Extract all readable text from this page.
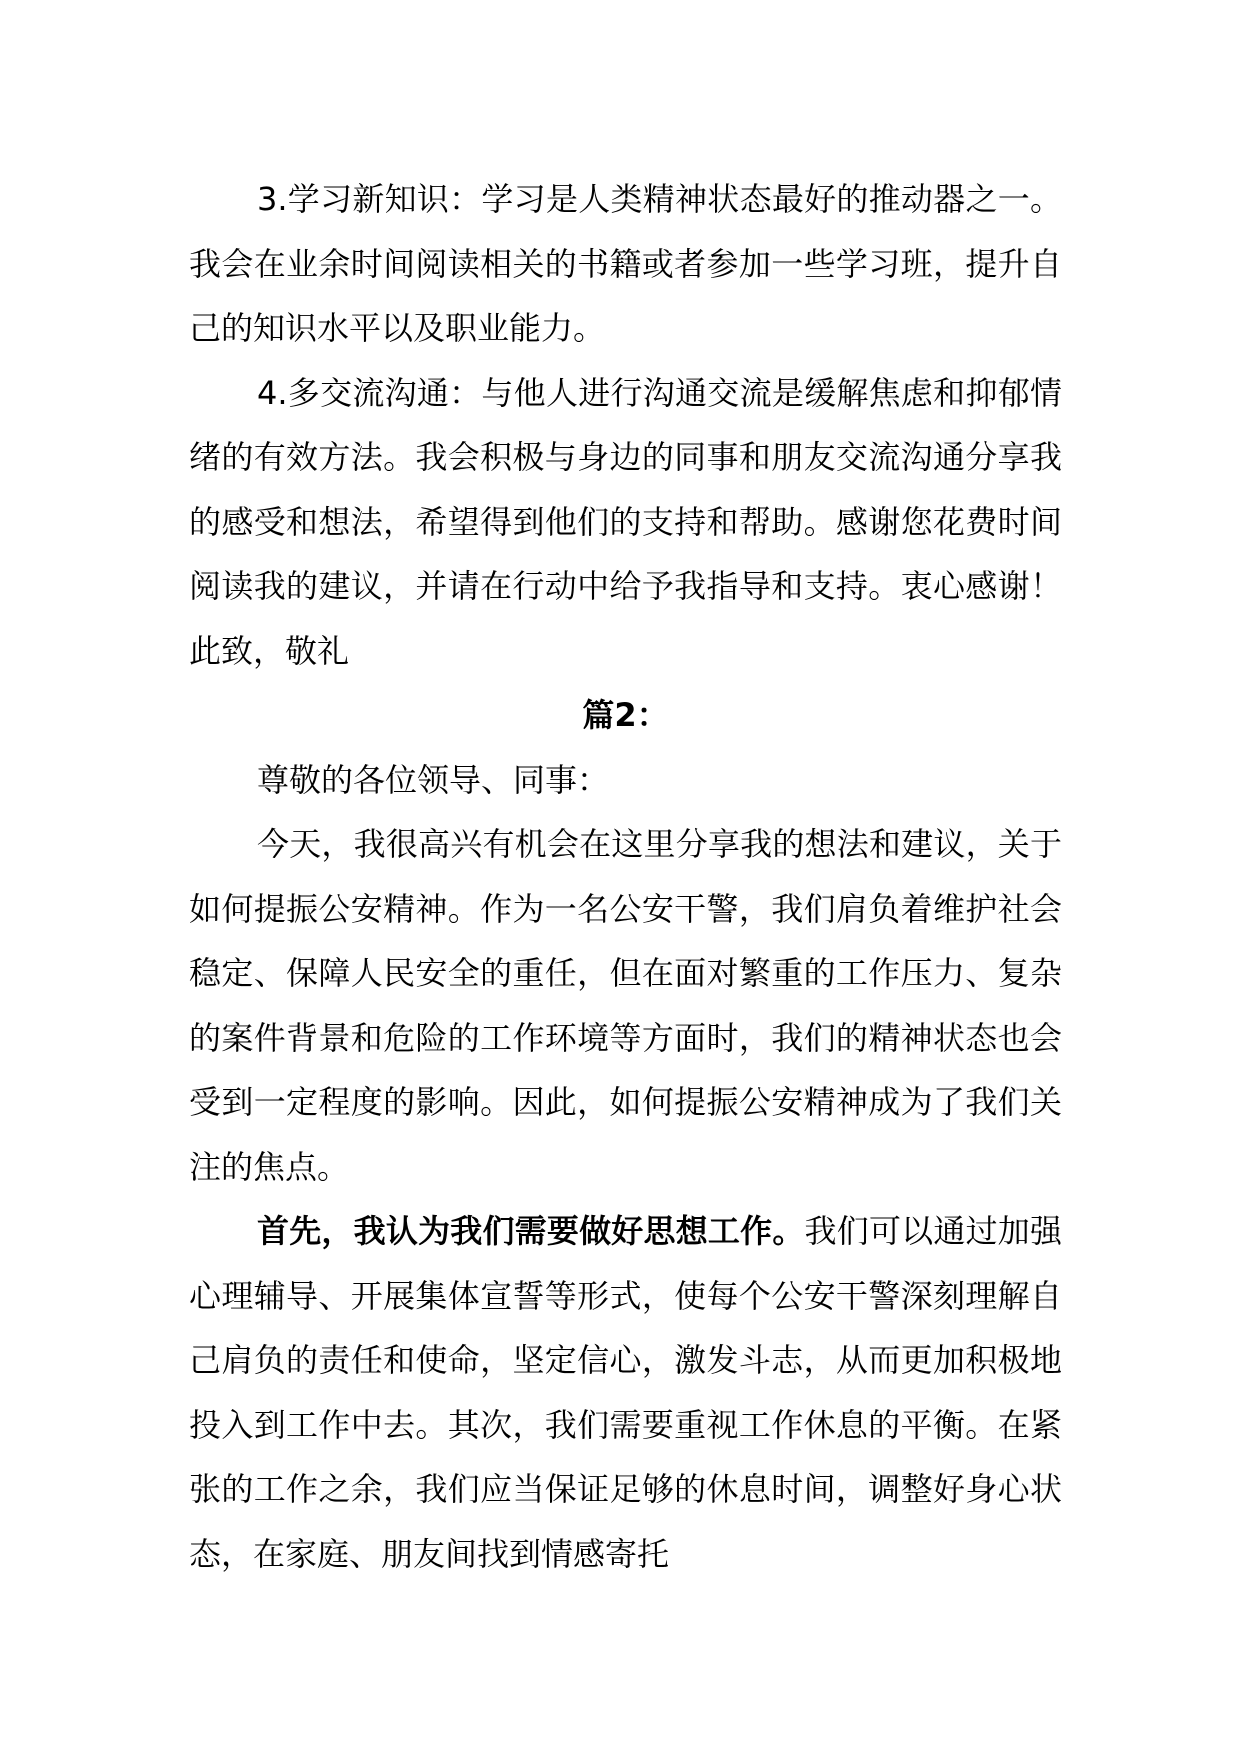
3.学习新知识：学习是人类精神状态最好的推动器之一。我会在业余时间阅读相关的书籍或者参加一些学习班，提升自己的知识水平以及职业能力。

4.多交流沟通：与他人进行沟通交流是缓解焦虑和抑郁情绪的有效方法。我会积极与身边的同事和朋友交流沟通分享我的感受和想法，希望得到他们的支持和帮助。感谢您花费时间阅读我的建议，并请在行动中给予我指导和支持。衷心感谢！此致，敬礼

篇2：

尊敬的各位领导、同事：

今天，我很高兴有机会在这里分享我的想法和建议，关于如何提振公安精神。作为一名公安干警，我们肩负着维护社会稳定、保障人民安全的重任，但在面对繁重的工作压力、复杂的案件背景和危险的工作环境等方面时，我们的精神状态也会受到一定程度的影响。因此，如何提振公安精神成为了我们关注的焦点。

首先，我认为我们需要做好思想工作。我们可以通过加强心理辅导、开展集体宣誓等形式，使每个公安干警深刻理解自己肩负的责任和使命，坚定信心，激发斗志，从而更加积极地投入到工作中去。其次，我们需要重视工作休息的平衡。在紧张的工作之余，我们应当保证足够的休息时间，调整好身心状态，在家庭、朋友间找到情感寄托
